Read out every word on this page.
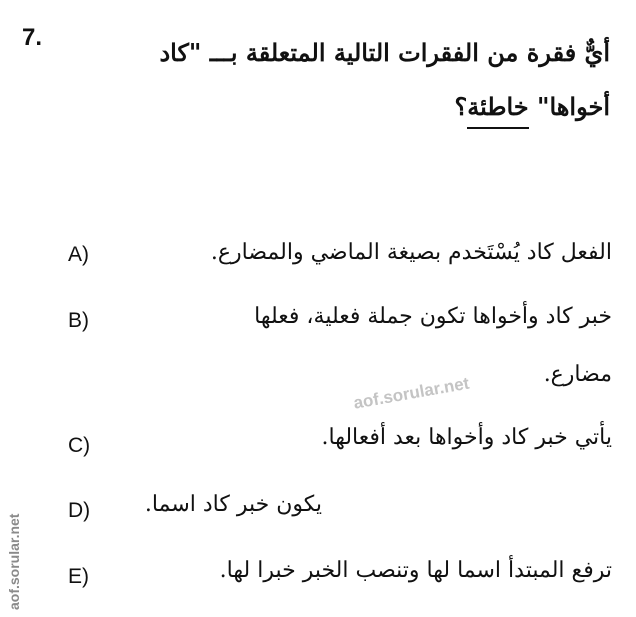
7.
أيٌّ فقرة من الفقرات التالية المتعلقة بـــ "كاد
أخواها" خاطئة؟
A)	الفعل كاد يُسْتَخدم بصيغة الماضي والمضارع.
B)	خبر كاد وأخواها تكون جملة فعلية، فعلها
مضارع.
C)	يأتي خبر كاد وأخواها بعد أفعالها.
D) يكون خبر كاد اسما.
E)	ترفع المبتدأ اسما لها وتنصب الخبر خبرا لها.
aof.sorular.net
aof.sorular.net
